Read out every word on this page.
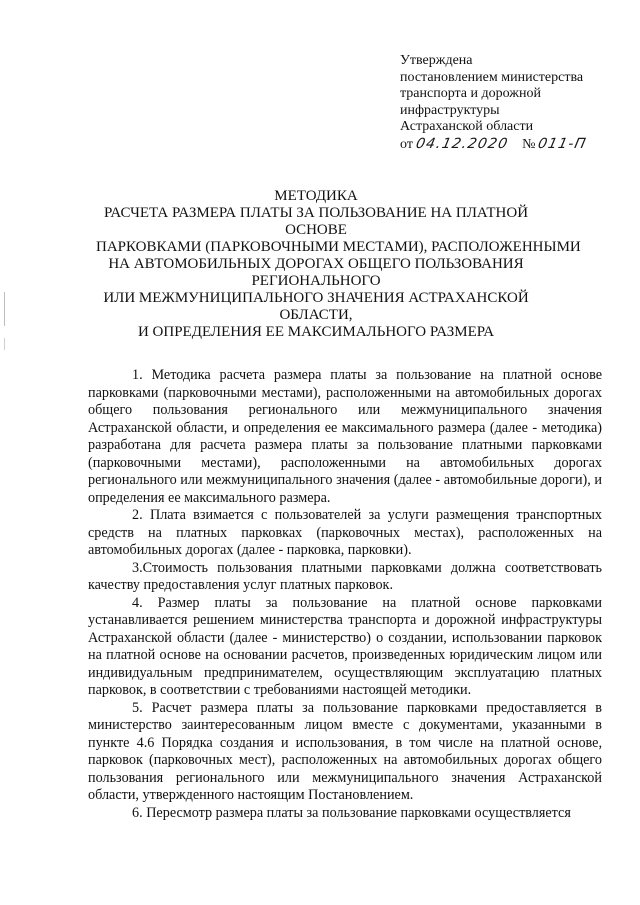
Утверждена
постановлением министерства
транспорта и дорожной
инфраструктуры
Астраханской области
от04.12.2020 №011-П
МЕТОДИКА
РАСЧЕТА РАЗМЕРА ПЛАТЫ ЗА ПОЛЬЗОВАНИЕ НА ПЛАТНОЙ
ОСНОВЕ
ПАРКОВКАМИ (ПАРКОВОЧНЫМИ МЕСТАМИ), РАСПОЛОЖЕННЫМИ
НА АВТОМОБИЛЬНЫХ ДОРОГАХ ОБЩЕГО ПОЛЬЗОВАНИЯ
РЕГИОНАЛЬНОГО
ИЛИ МЕЖМУНИЦИПАЛЬНОГО ЗНАЧЕНИЯ АСТРАХАНСКОЙ
ОБЛАСТИ,
И ОПРЕДЕЛЕНИЯ ЕЕ МАКСИМАЛЬНОГО РАЗМЕРА

1. Методика расчета размера платы за пользование на платной основе парковками (парковочными местами), расположенными на автомобильных дорогах общего пользования регионального или межмуниципального значения Астраханской области, и определения ее максимального размера (далее - методика) разработана для расчета размера платы за пользование платными парковками (парковочными местами), расположенными на автомобильных дорогах регионального или межмуниципального значения (далее - автомобильные дороги), и определения ее максимального размера.

2. Плата взимается с пользователей за услуги размещения транспортных средств на платных парковках (парковочных местах), расположенных на автомобильных дорогах (далее - парковка, парковки).

3.Стоимость пользования платными парковками должна соответствовать качеству предоставления услуг платных парковок.

4. Размер платы за пользование на платной основе парковками устанавливается решением министерства транспорта и дорожной инфраструктуры Астраханской области (далее - министерство) о создании, использовании парковок на платной основе на основании расчетов, произведенных юридическим лицом или индивидуальным предпринимателем, осуществляющим эксплуатацию платных парковок, в соответствии с требованиями настоящей методики.

5. Расчет размера платы за пользование парковками предоставляется в министерство заинтересованным лицом вместе с документами, указанными в пункте 4.6 Порядка создания и использования, в том числе на платной основе, парковок (парковочных мест), расположенных на автомобильных дорогах общего пользования регионального или межмуниципального значения Астраханской области, утвержденного настоящим Постановлением.

6. Пересмотр размера платы за пользование парковками осуществляется
